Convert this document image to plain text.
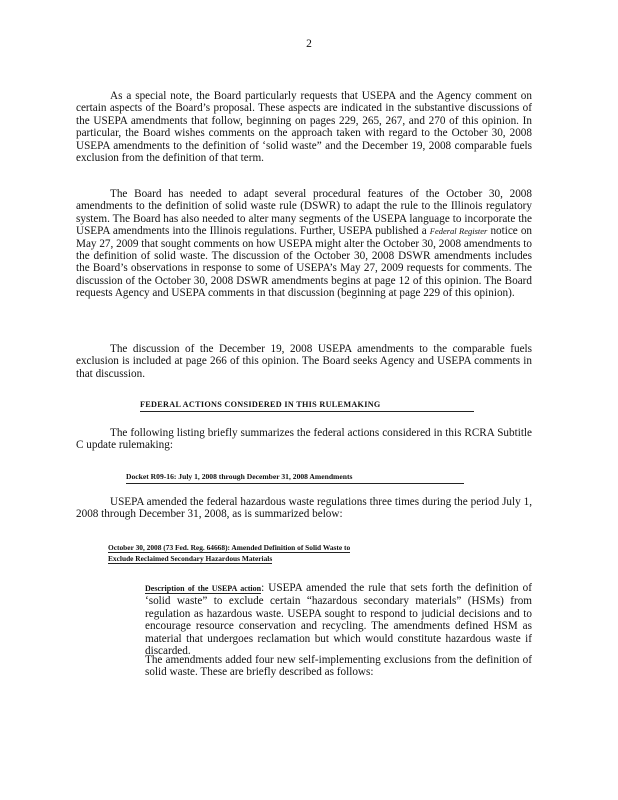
2

As a special note, the Board particularly requests that USEPA and the Agency comment on certain aspects of the Board’s proposal. These aspects are indicated in the substantive discussions of the USEPA amendments that follow, beginning on pages 229, 265, 267, and 270 of this opinion. In particular, the Board wishes comments on the approach taken with regard to the October 30, 2008 USEPA amendments to the definition of ‘solid waste” and the December 19, 2008 comparable fuels exclusion from the definition of that term.

The Board has needed to adapt several procedural features of the October 30, 2008 amendments to the definition of solid waste rule (DSWR) to adapt the rule to the Illinois regulatory system. The Board has also needed to alter many segments of the USEPA language to incorporate the USEPA amendments into the Illinois regulations. Further, USEPA published a Federal Register notice on May 27, 2009 that sought comments on how USEPA might alter the October 30, 2008 amendments to the definition of solid waste. The discussion of the October 30, 2008 DSWR amendments includes the Board’s observations in response to some of USEPA’s May 27, 2009 requests for comments. The discussion of the October 30, 2008 DSWR amendments begins at page 12 of this opinion. The Board requests Agency and USEPA comments in that discussion (beginning at page 229 of this opinion).

The discussion of the December 19, 2008 USEPA amendments to the comparable fuels exclusion is included at page 266 of this opinion. The Board seeks Agency and USEPA comments in that discussion.

FEDERAL ACTIONS CONSIDERED IN THIS RULEMAKING

The following listing briefly summarizes the federal actions considered in this RCRA Subtitle C update rulemaking:

Docket R09-16: July 1, 2008 through December 31, 2008 Amendments

USEPA amended the federal hazardous waste regulations three times during the period July 1, 2008 through December 31, 2008, as is summarized below:

October 30, 2008 (73 Fed. Reg. 64668): Amended Definition of Solid Waste to
Exclude Reclaimed Secondary Hazardous Materials

Description of the USEPA action: USEPA amended the rule that sets forth the definition of ‘solid waste” to exclude certain “hazardous secondary materials” (HSMs) from regulation as hazardous waste. USEPA sought to respond to judicial decisions and to encourage resource conservation and recycling. The amendments defined HSM as material that undergoes reclamation but which would constitute hazardous waste if discarded.

The amendments added four new self-implementing exclusions from the definition of solid waste. These are briefly described as follows:
